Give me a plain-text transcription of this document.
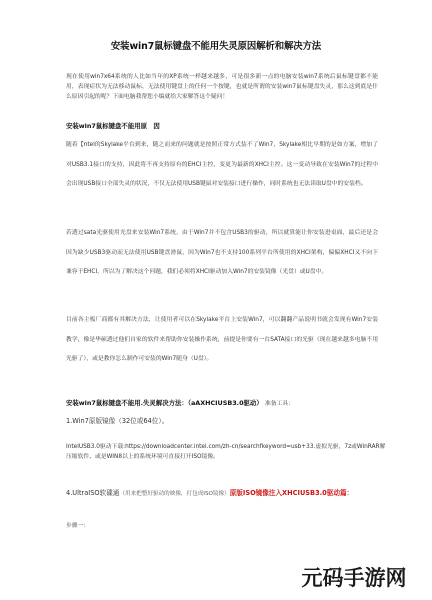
安装win7鼠标键盘不能用失灵原因解析和解决方法
现在使用win7x64系统的人比如当年的XP系统一样越来越多，可是很多新一点的电脑安装win7系统后鼠标键盘都不能用，表现症状为无法移动鼠标，无法使用键盘上的任何一个按键，也就是所谓的安装win7鼠标键盘失灵，那么这到底是什么原因引起的呢？下面电脑我帮您小编就给大家解答这个疑问！
安装win7鼠标键盘不能用原　因
随着【ntel的Skylake平台到来，随之而来的问题就是按照正常方式装不了Win7，Skylake相比早期的是如方案，增加了对USB3.1接口的支持，因此将不再支持原有的EHCI主控，变更为最新的XHCI主控。这一变动导致在安装Win7的过程中会出现USB接口全部失灵的状况，不仅无法使用USB键鼠对安装接口进行操作，同时系统也无法读取U盘中的安装档。
若透过sata光驱使用光盘来安装Win7系统，由于Win7并不包含USB3的驱动，所以就算能让你安装进桌面，最后还是会因为缺少USB3驱动而无法使用USB键盘滑鼠，因为Win7也不支持100系列平台所使用的XHCI架构，偏偏XHCI又不向下兼容于EHCI，所以为了解决这个问题，我们必须将XHCI驱动加入Win7的安装镜像（光盘）或U盘中。
目前各主板厂商都有其解决方法，让使用者可以在Skylake平台上安装Win7，可以翻翻产品说明书就会发现有Win7安装教学，像是华硕透过他们自家的软件来帮助你安装操作系统，前提是你要有一台SATA接口的光驱（现在越来越多电脑不用光驱了），或是教你怎么制作可安装的Win7随身（U盘）。
安装win7鼠标键盘不能用.失灵解决方法：（aAXHCIUSB3.0驱动） 准备工具：
1.Win7原版镜像（32位或64位）。
IntelUSB3.0驱动下载:https://downloadcenter.intel.com/zh-cn/searchfkeyword=usb+33.虚拟光驱，7z或WinRAR解压缩软件、或是WIN8以上的系统环境可直接打开ISO镜像。
4.UltraISO软碟通（用来把整好驱动的映像，打包成ISO镜像）原版ISO镜像注入XHCIUSB3.0驱动篇：
步骤一：
元码手游网
